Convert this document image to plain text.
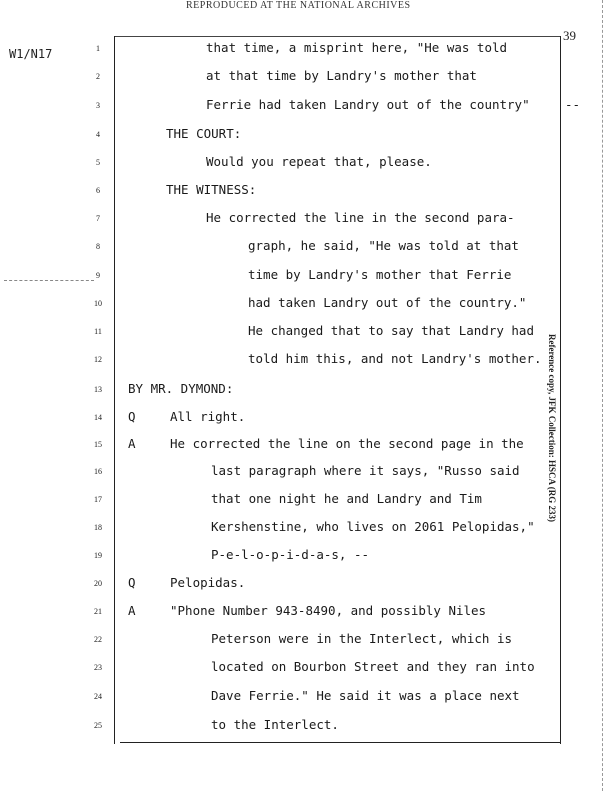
REPRODUCED AT THE NATIONAL ARCHIVES
39
W1/N17
Reference copy, JFK Collection: HSCA (RG 233)
1	that time, a misprint here, "He was told
2	at that time by Landry's mother that
3	Ferrie had taken Landry out of the country"	--
4	THE COURT:
5	Would you repeat that, please.
6	THE WITNESS:
7	He corrected the line in the second para-
8	graph, he said, "He was told at that
9	time by Landry's mother that Ferrie
10	had taken Landry out of the country."
11	He changed that to say that Landry had
12	told him this, and not Landry's mother.
13	BY MR. DYMOND:
14	Q	All right.
15	A	He corrected the line on the second page in the
16	last paragraph where it says, "Russo said
17	that one night he and Landry and Tim
18	Kershenstine, who lives on 2061 Pelopidas,"
19	P-e-l-o-p-i-d-a-s, --
20	Q	Pelopidas.
21	A	"Phone Number 943-8490, and possibly Niles
22	Peterson were in the Interlect, which is
23	located on Bourbon Street and they ran into
24	Dave Ferrie." He said it was a place next
25	to the Interlect.
